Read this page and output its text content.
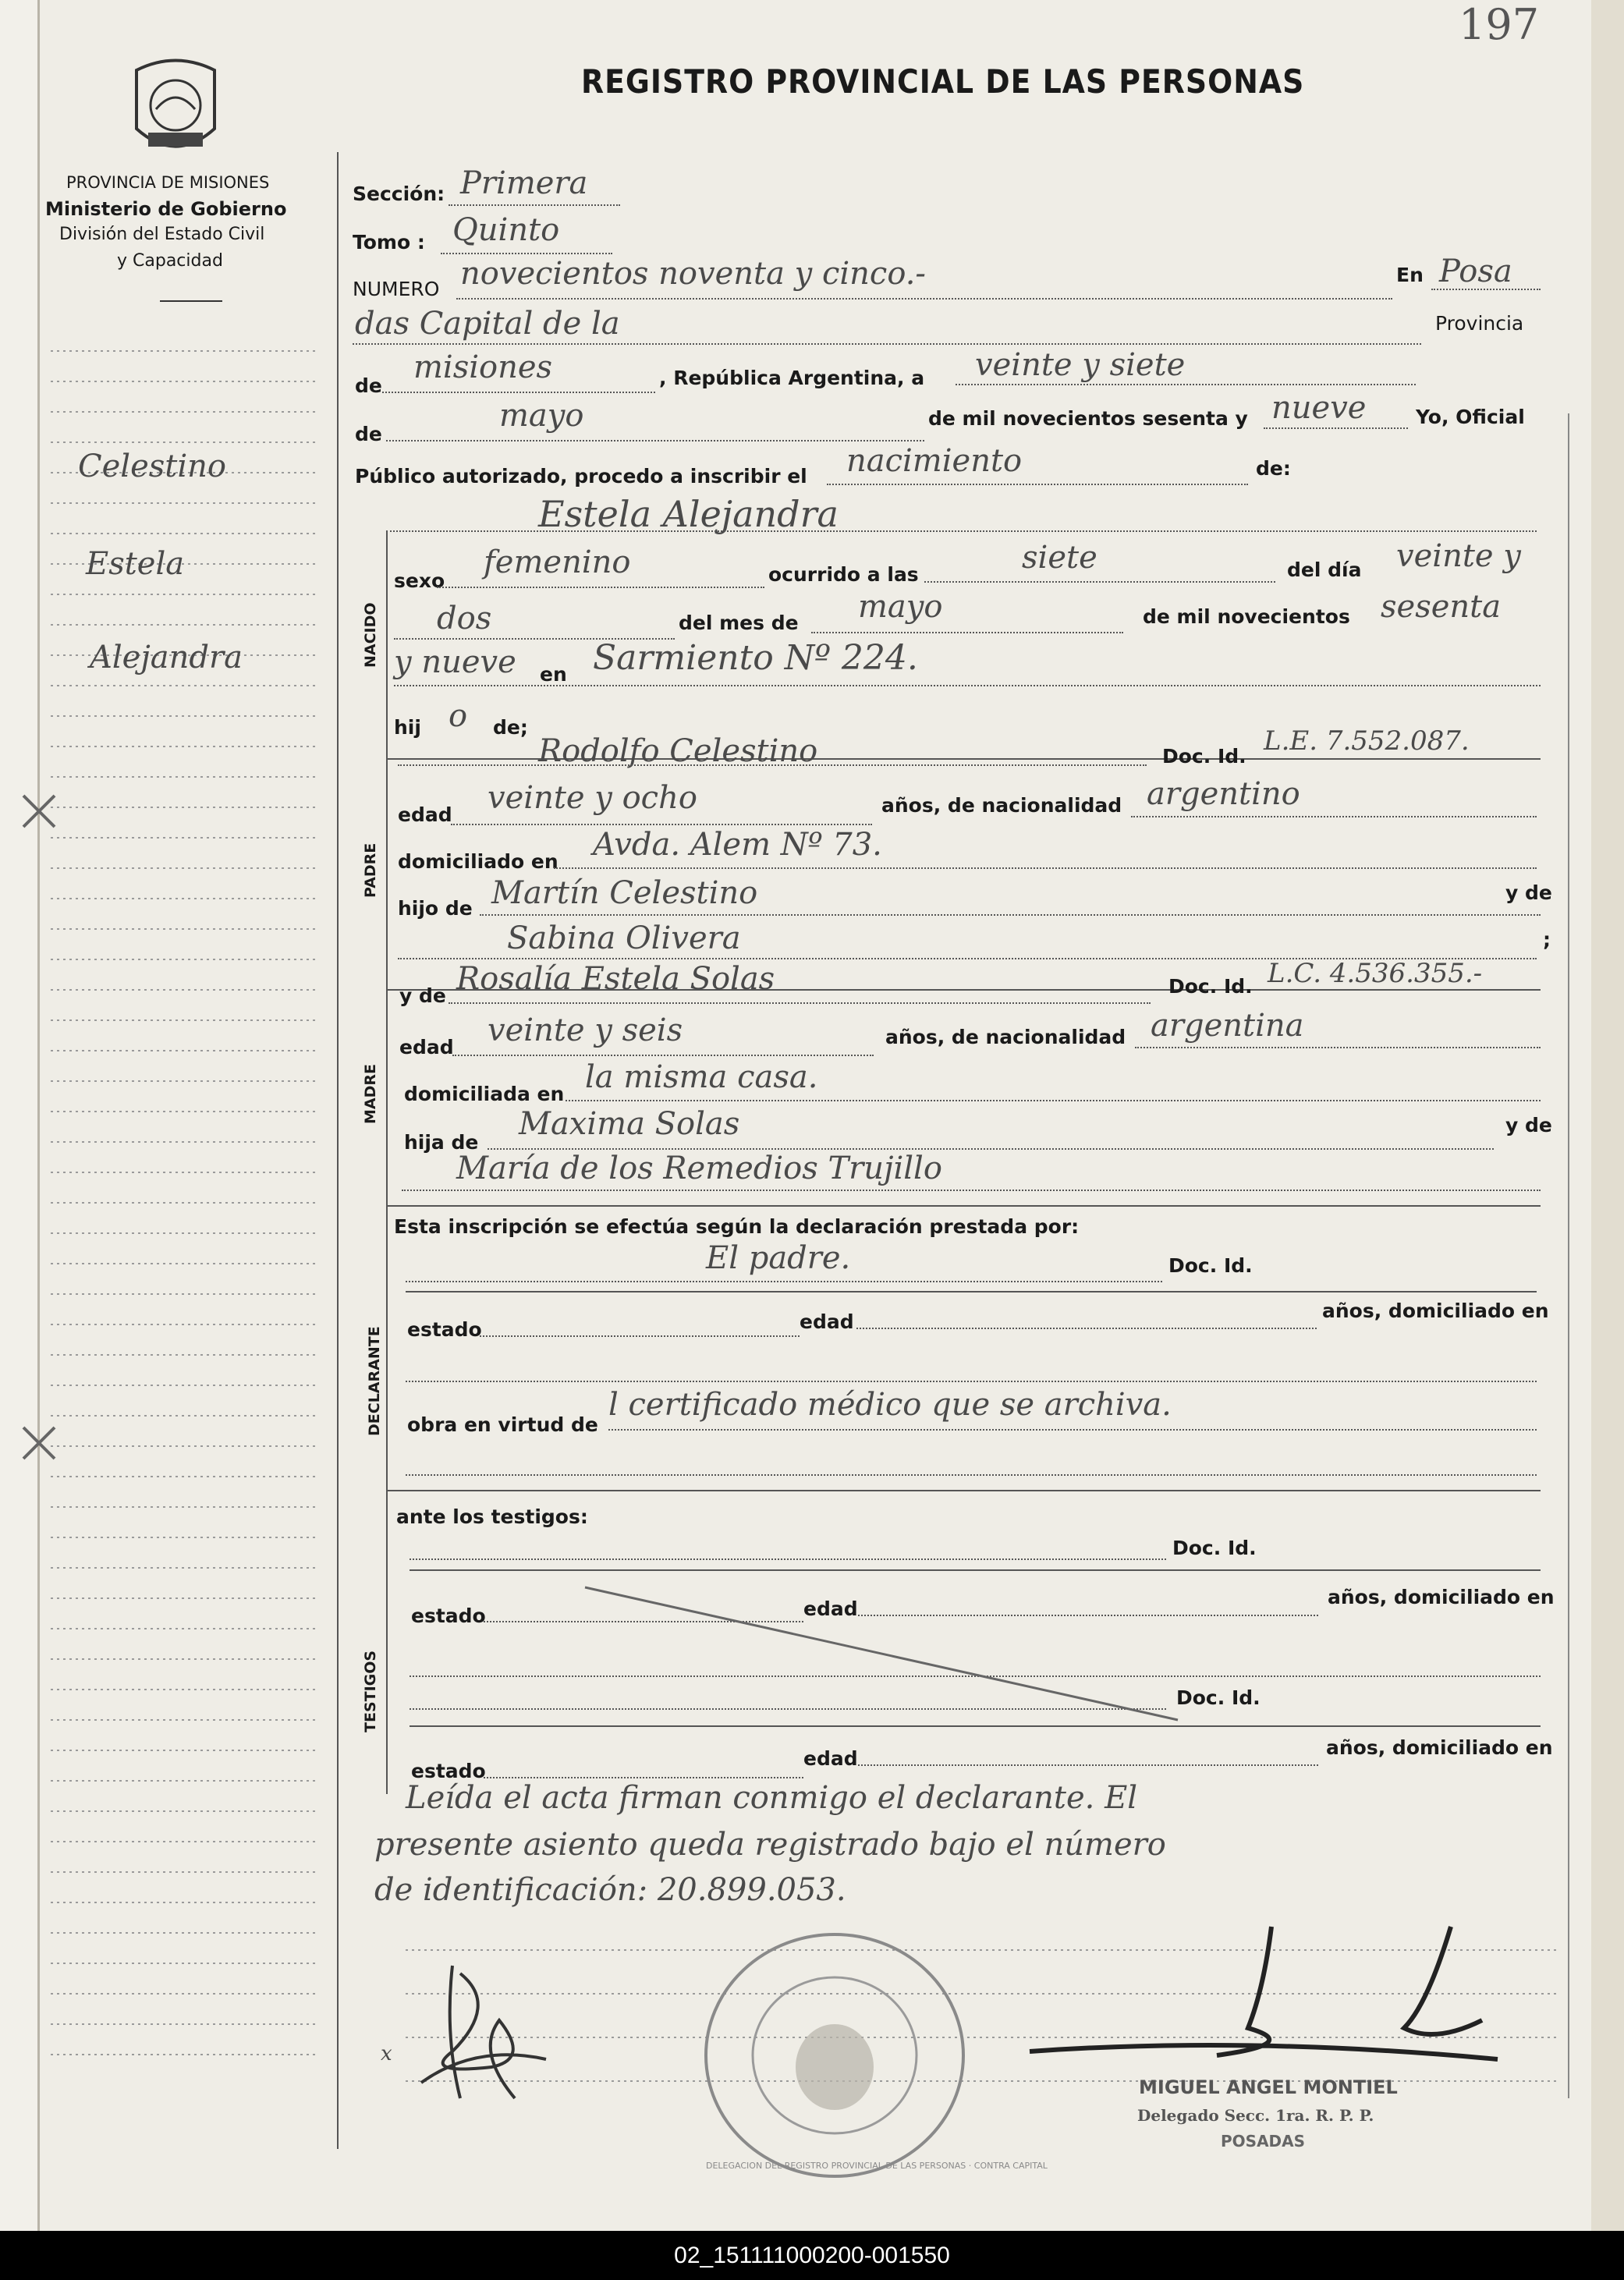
197
PROVINCIA DE MISIONES
Ministerio de Gobierno
División del Estado Civil
y Capacidad
REGISTRO PROVINCIAL DE LAS PERSONAS
Celestino
Estela
Alejandra
Sección: Primera
Tomo : Quinto
NUMERO novecientos noventa y cinco.-	En Posa
das Capital de la	Provincia
de
misiones	, República Argentina, a veinte y siete
de
mayo	de mil novecientos sesenta y nueve	Yo, Oficial
Público autorizado, procedo a inscribir el nacimiento	de:
Estela Alejandra
NACIDO
PADRE
MADRE
DECLARANTE
TESTIGOS
sexo
femenino	ocurrido a las	siete	del día veinte y
dos	del mes de mayo	de mil novecientos sesenta
y nueve en Sarmiento Nº 224.
hij o de;
Rodolfo Celestino	Doc. Id. L.E. 7.552.087.
edad veinte y ocho	años, de nacionalidad argentino
domiciliado en Avda. Alem Nº 73.
hijo de Martín Celestino	y de
Sabina Olivera	;
y de Rosalía Estela Solas	Doc. Id. L.C. 4.536.355.-
edad veinte y seis	años, de nacionalidad argentina
domiciliada en la misma casa.
hija de
Maxima Solas	y de
María de los Remedios Trujillo
Esta inscripción se efectúa según la declaración prestada por:
El padre.	Doc. Id.
estado	edad	años, domiciliado en
obra en virtud de
l certificado médico que se archiva.
ante los testigos:
Doc. Id.
estado	edad
años, domiciliado en
Doc. Id.
estado
edad	años, domiciliado en
Leída el acta firman conmigo el declarante. El
presente asiento queda registrado bajo el número
de identificación: 20.899.053.
DELEGACION DEL REGISTRO PROVINCIAL DE LAS PERSONAS · CONTRA CAPITAL
x
MIGUEL ANGEL MONTIEL
Delegado Secc. 1ra. R. P. P.
POSADAS
02_151111000200-001550
